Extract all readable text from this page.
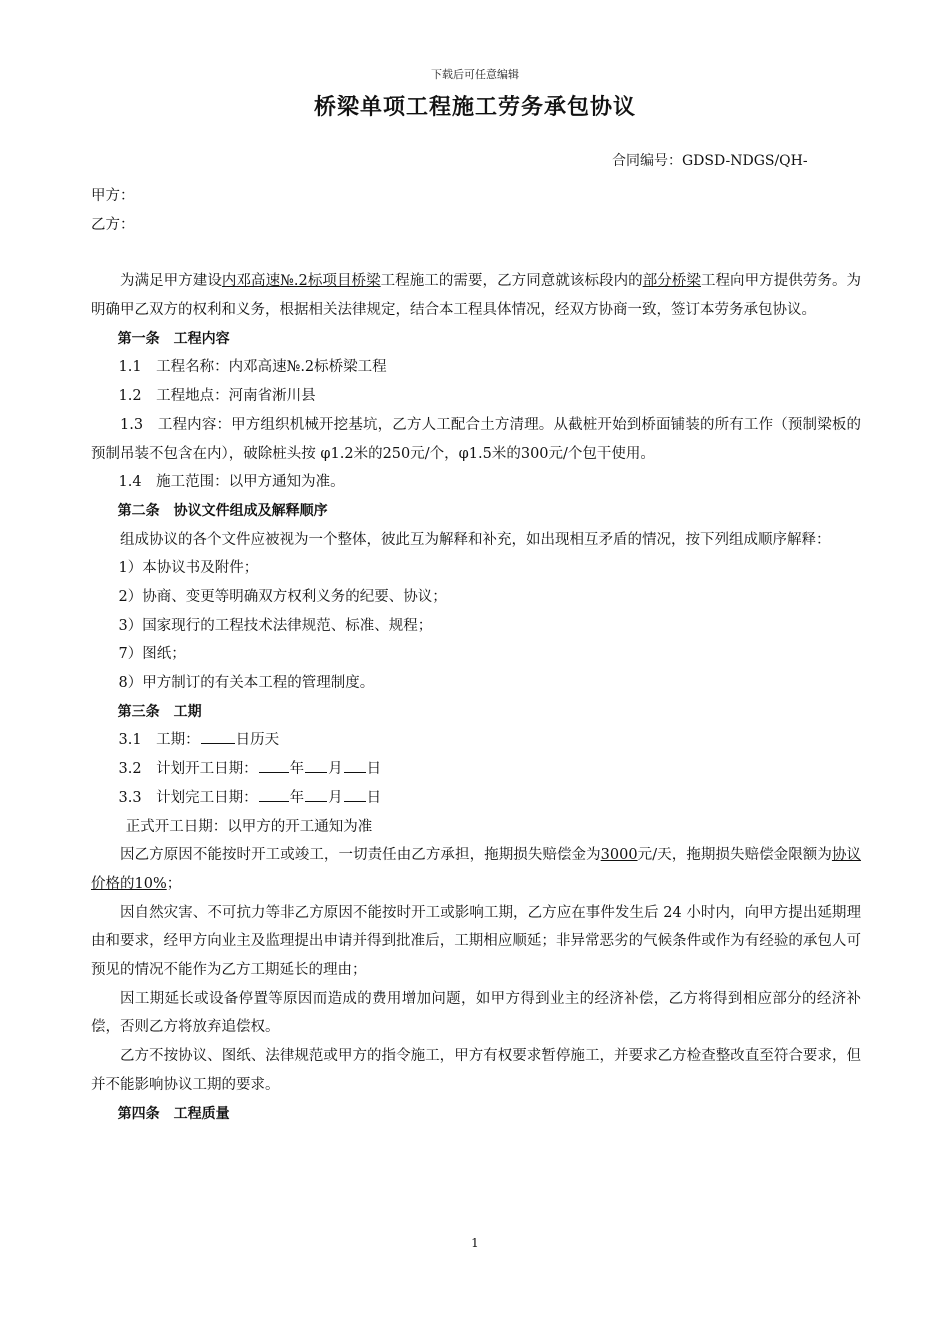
下载后可任意编辑
桥梁单项工程施工劳务承包协议
合同编号：GDSD-NDGS/QH-

甲方：

乙方：

为满足甲方建设内邓高速№.2标项目桥梁工程施工的需要，乙方同意就该标段内的部分桥梁工程向甲方提供劳务。为明确甲乙双方的权利和义务，根据相关法律规定，结合本工程具体情况，经双方协商一致，签订本劳务承包协议。

第一条　工程内容

1.1　工程名称：内邓高速№.2标桥梁工程

1.2　工程地点：河南省淅川县

1.3　工程内容：甲方组织机械开挖基坑，乙方人工配合土方清理。从截桩开始到桥面铺装的所有工作（预制梁板的预制吊装不包含在内），破除桩头按 φ1.2米的250元/个，φ1.5米的300元/个包干使用。

1.4　施工范围：以甲方通知为准。

第二条　协议文件组成及解释顺序

组成协议的各个文件应被视为一个整体，彼此互为解释和补充，如出现相互矛盾的情况，按下列组成顺序解释：

1）本协议书及附件；

2）协商、变更等明确双方权利义务的纪要、协议；

3）国家现行的工程技术法律规范、标准、规程；

7）图纸；

8）甲方制订的有关本工程的管理制度。

第三条　工期

3.1　工期： 日历天

3.2　计划开工日期： 年 月 日

3.3　计划完工日期： 年 月 日

正式开工日期：以甲方的开工通知为准

因乙方原因不能按时开工或竣工，一切责任由乙方承担，拖期损失赔偿金为3000元/天，拖期损失赔偿金限额为协议价格的10%；

因自然灾害、不可抗力等非乙方原因不能按时开工或影响工期，乙方应在事件发生后 24 小时内，向甲方提出延期理由和要求，经甲方向业主及监理提出申请并得到批准后，工期相应顺延；非异常恶劣的气候条件或作为有经验的承包人可预见的情况不能作为乙方工期延长的理由；

因工期延长或设备停置等原因而造成的费用增加问题，如甲方得到业主的经济补偿，乙方将得到相应部分的经济补偿，否则乙方将放弃追偿权。

乙方不按协议、图纸、法律规范或甲方的指令施工，甲方有权要求暂停施工，并要求乙方检查整改直至符合要求，但并不能影响协议工期的要求。

第四条　工程质量

1
